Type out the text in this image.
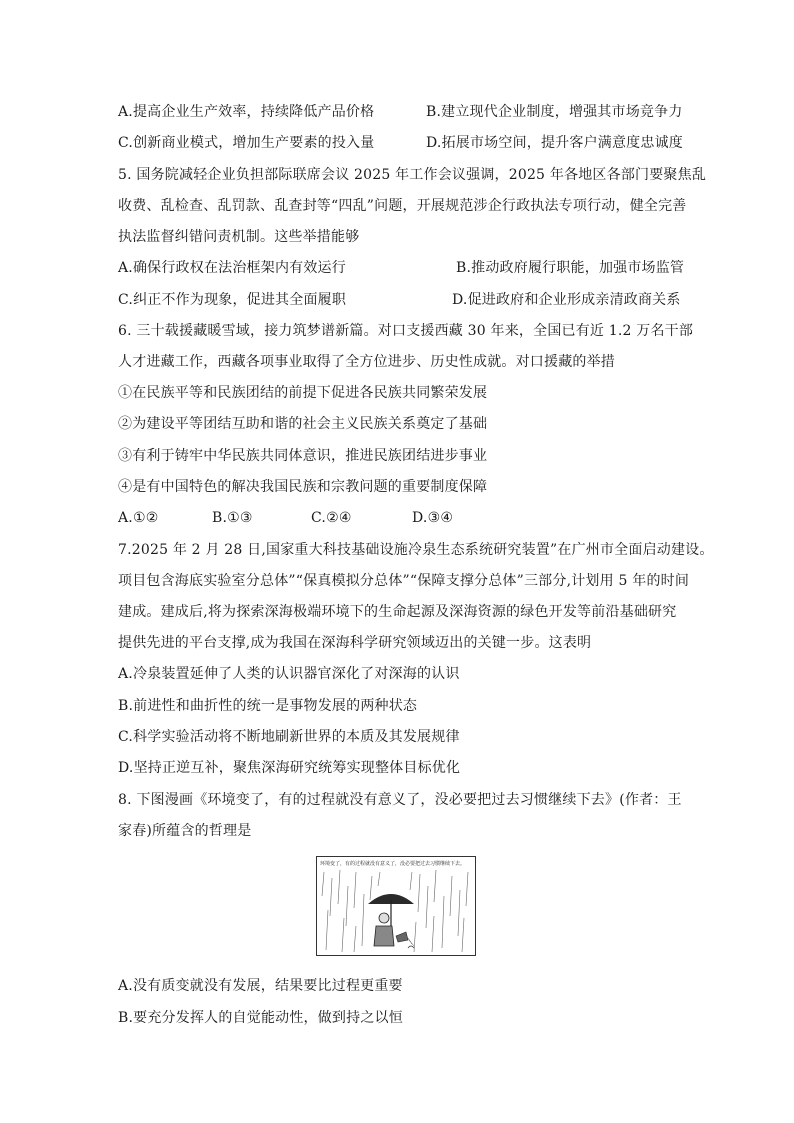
A.提高企业生产效率，持续降低产品价格	B.建立现代企业制度，增强其市场竞争力
C.创新商业模式，增加生产要素的投入量	D.拓展市场空间，提升客户满意度忠诚度
5. 国务院减轻企业负担部际联席会议 2025 年工作会议强调，2025 年各地区各部门要聚焦乱
收费、乱检查、乱罚款、乱查封等“四乱”问题，开展规范涉企行政执法专项行动，健全完善
执法监督纠错问责机制。这些举措能够
A.确保行政权在法治框架内有效运行	B.推动政府履行职能，加强市场监管
C.纠正不作为现象，促进其全面履职	D.促进政府和企业形成亲清政商关系
6. 三十载援藏暖雪域，接力筑梦谱新篇。对口支援西藏 30 年来，全国已有近 1.2 万名干部
人才进藏工作，西藏各项事业取得了全方位进步、历史性成就。对口援藏的举措
①在民族平等和民族团结的前提下促进各民族共同繁荣发展
②为建设平等团结互助和谐的社会主义民族关系奠定了基础
③有利于铸牢中华民族共同体意识，推进民族团结进步事业
④是有中国特色的解决我国民族和宗教问题的重要制度保障
A.①②	B.①③	C.②④	D.③④
7.2025 年 2 月 28 日,国家重大科技基础设施冷泉生态系统研究装置”在广州市全面启动建设。
项目包含海底实验室分总体”“保真模拟分总体”“保障支撑分总体”三部分,计划用 5 年的时间
建成。建成后,将为探索深海极端环境下的生命起源及深海资源的绿色开发等前沿基础研究
提供先进的平台支撑,成为我国在深海科学研究领域迈出的关键一步。这表明
A.冷泉装置延伸了人类的认识器官深化了对深海的认识
B.前进性和曲折性的统一是事物发展的两种状态
C.科学实验活动将不断地刷新世界的本质及其发展规律
D.坚持正逆互补，聚焦深海研究统筹实现整体目标优化
8. 下图漫画《环境变了，有的过程就没有意义了，没必要把过去习惯继续下去》(作者：王
家春)所蕴含的哲理是
环境变了，有的过程就没有意义了，没必要把过去习惯继续下去。
A.没有质变就没有发展，结果要比过程更重要
B.要充分发挥人的自觉能动性，做到持之以恒
